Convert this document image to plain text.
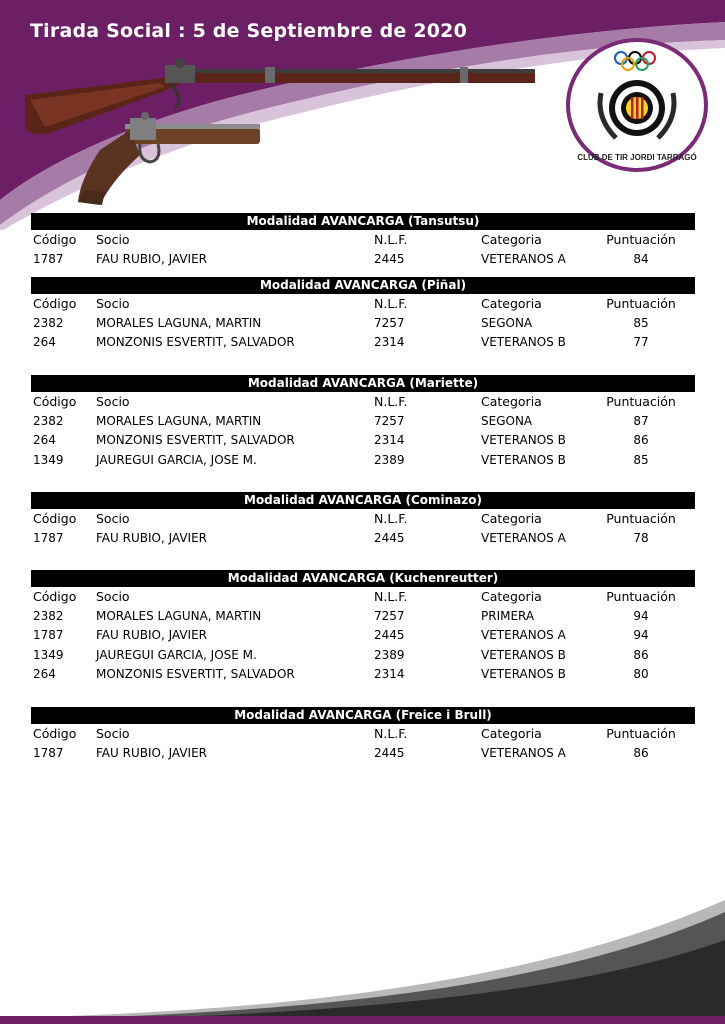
Tirada Social : 5 de Septiembre de 2020
CLUB DE TIR JORDI TARRAGÓ
Modalidad AVANCARGA (Tansutsu)
Código Socio	N.L.F.	Categoria	Puntuación
1787	FAU RUBIO, JAVIER	2445	VETERANOS A	84
Modalidad AVANCARGA (Piñal)
Código Socio	N.L.F.	Categoria	Puntuación
2382	MORALES LAGUNA, MARTIN	7257	SEGONA	85
264	MONZONIS ESVERTIT, SALVADOR	2314	VETERANOS B	77
Modalidad AVANCARGA (Mariette)
Código Socio	N.L.F.	Categoria	Puntuación
2382	MORALES LAGUNA, MARTIN	7257	SEGONA	87
264	MONZONIS ESVERTIT, SALVADOR	2314	VETERANOS B	86
1349	JAUREGUI GARCIA, JOSE M.	2389	VETERANOS B	85
Modalidad AVANCARGA (Cominazo)
Código Socio	N.L.F.	Categoria	Puntuación
1787	FAU RUBIO, JAVIER	2445	VETERANOS A	78
Modalidad AVANCARGA (Kuchenreutter)
Código Socio	N.L.F.	Categoria	Puntuación
2382	MORALES LAGUNA, MARTIN	7257	PRIMERA	94
1787	FAU RUBIO, JAVIER	2445	VETERANOS A	94
1349	JAUREGUI GARCIA, JOSE M.	2389	VETERANOS B	86
264	MONZONIS ESVERTIT, SALVADOR	2314	VETERANOS B	80
Modalidad AVANCARGA (Freice i Brull)
Código Socio	N.L.F.	Categoria	Puntuación
1787	FAU RUBIO, JAVIER	2445	VETERANOS A	86
